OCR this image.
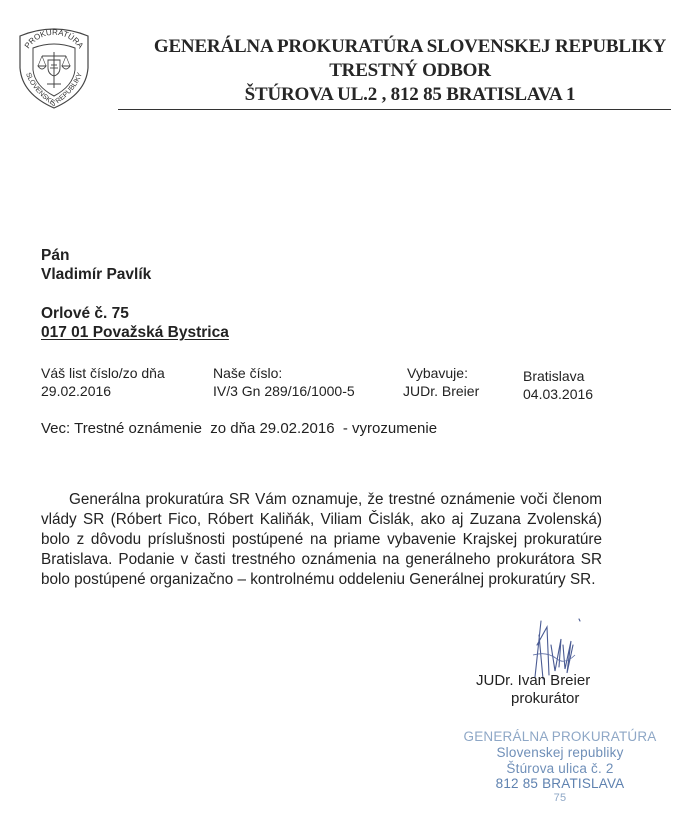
PROKURATÚRA
SLOVENSKEJ REPUBLIKY
GENERÁLNA PROKURATÚRA SLOVENSKEJ REPUBLIKY
TRESTNÝ ODBOR
ŠTÚROVA UL.2 , 812 85 BRATISLAVA 1
Pán
Vladimír Pavlík
Orlové č. 75
017 01 Považská Bystrica
Váš list číslo/zo dňa
29.02.2016
Naše číslo:
IV/3 Gn 289/16/1000-5
Vybavuje:
JUDr. Breier
Bratislava
04.03.2016
Vec: Trestné oznámenie  zo dňa 29.02.2016  - vyrozumenie
Generálna prokuratúra SR Vám oznamuje, že trestné oznámenie voči členom vlády SR (Róbert Fico, Róbert Kaliňák, Viliam Čislák, ako aj Zuzana Zvolenská) bolo z dôvodu príslušnosti postúpené na priame vybavenie Krajskej prokuratúre Bratislava. Podanie v časti trestného oznámenia na generálneho prokurátora SR bolo postúpené organizačno – kontrolnému oddeleniu Generálnej prokuratúry SR.
JUDr. Ivan Breier
prokurátor
GENERÁLNA PROKURATÚRA
Slovenskej republiky
Štúrova ulica č. 2
812 85 BRATISLAVA
75
